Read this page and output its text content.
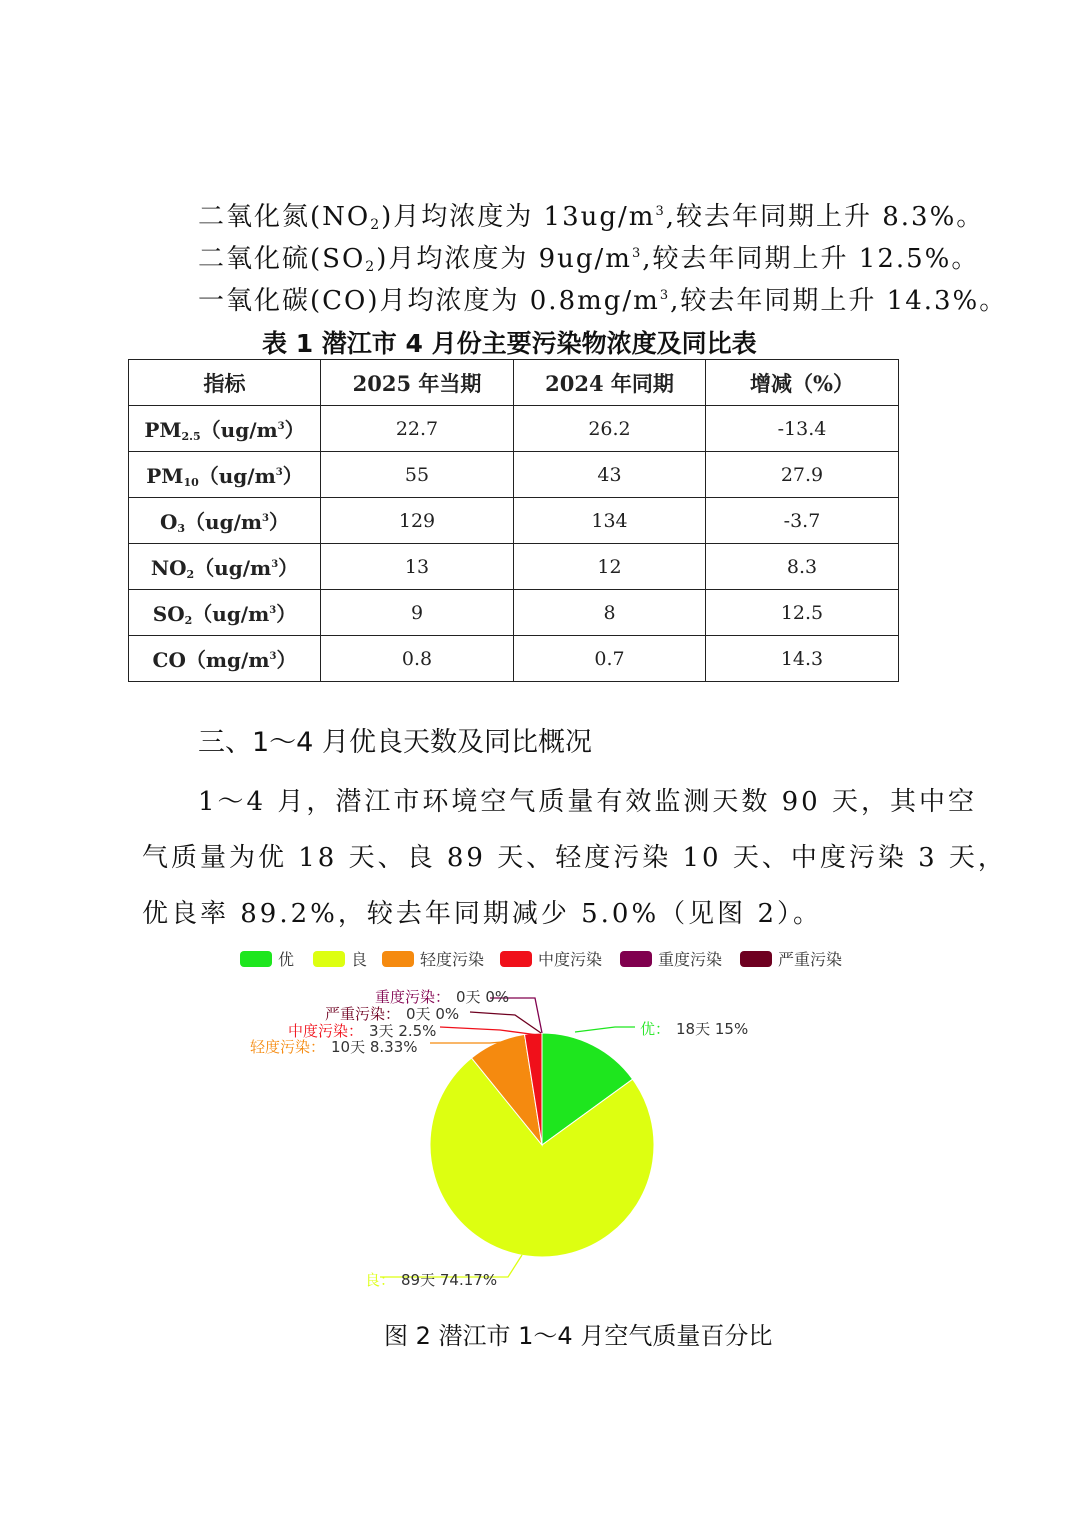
二氧化氮$(NO_2)$月均浓度为 $13ug/m^3$,较去年同期上升 8.3%。
二氧化硫$(SO_2)$月均浓度为 $9ug/m^3$,较去年同期上升 12.5%。
一氧化碳(CO)月均浓度为 $0.8mg/m^3$,较去年同期上升 14.3%。
表 1 潜江市 4 月份主要污染物浓度及同比表
指标	2025 年当期	2024 年同期	增减（%）
$PM_{2.5}(ug/m^3)$	22.7	26.2	-13.4
$PM_{10}(ug/m^3)$	55	43	27.9
$O_3(ug/m^3)$	129	134	-3.7
$NO_2(ug/m^3)$	13	12	8.3
$SO_2(ug/m^3)$	9	8	12.5
$CO(mg/m^3)$	0.8	0.7	14.3
三、1～4 月优良天数及同比概况
1～4 月，潜江市环境空气质量有效监测天数 90 天，其中空
气质量为优 18 天、良 89 天、轻度污染 10 天、中度污染 3 天，
优良率 89.2%，较去年同期减少 5.0%（见图 2）。
优	良	轻度污染	中度污染	重度污染	严重污染
优： 18天 15%
良： 89天 74.17%
轻度污染： 10天 8.33%
中度污染： 3天 2.5%
严重污染： 0天 0%
重度污染： 0天 0%
图 2 潜江市 1～4 月空气质量百分比
